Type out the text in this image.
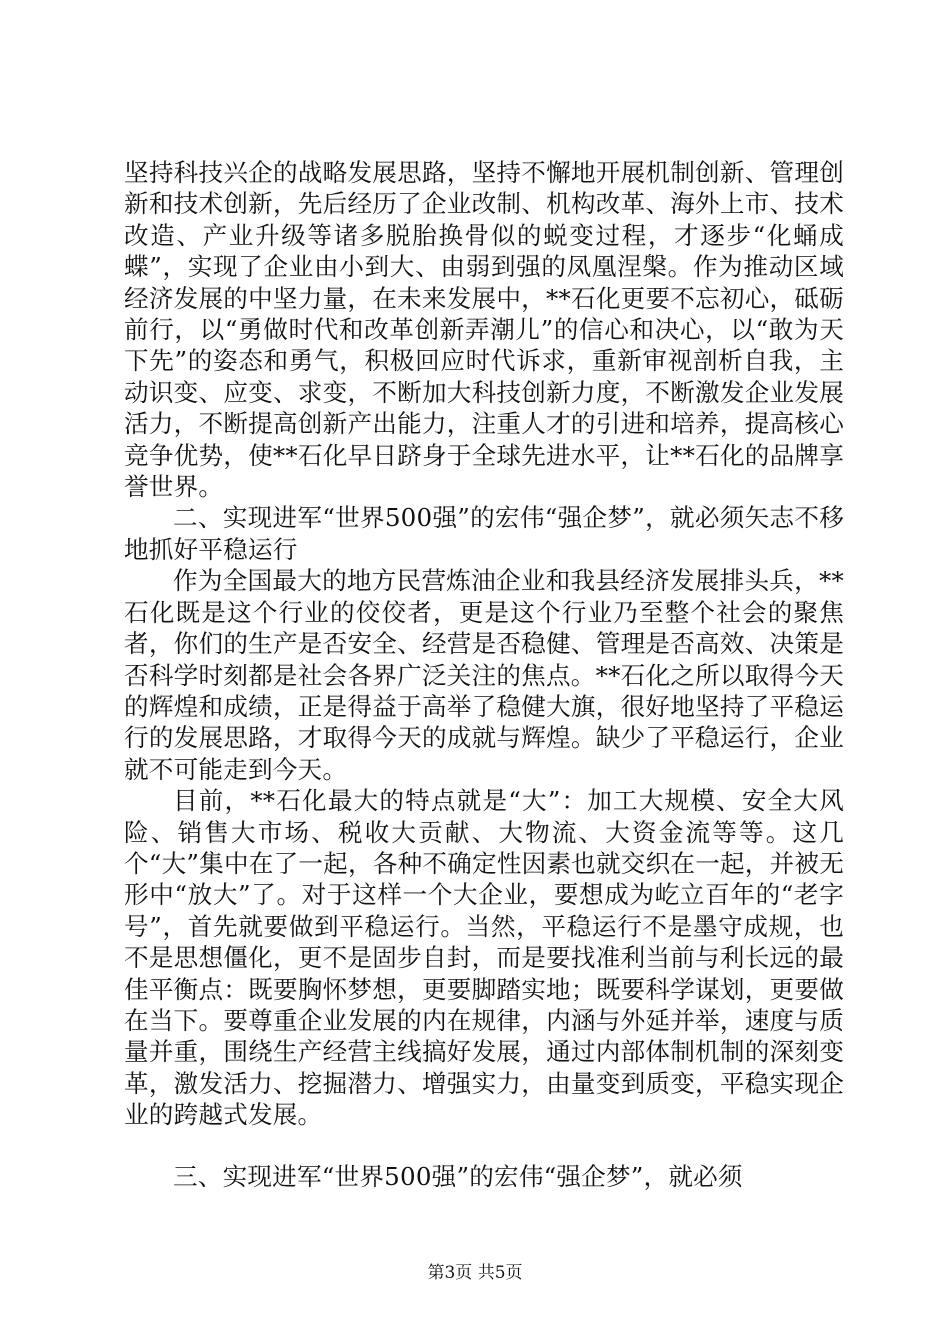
坚持科技兴企的战略发展思路，坚持不懈地开展机制创新、管理创新和技术创新，先后经历了企业改制、机构改革、海外上市、技术改造、产业升级等诸多脱胎换骨似的蜕变过程，才逐步“化蛹成蝶”，实现了企业由小到大、由弱到强的凤凰涅槃。作为推动区域经济发展的中坚力量，在未来发展中，**石化更要不忘初心，砥砺前行，以“勇做时代和改革创新弄潮儿”的信心和决心，以“敢为天下先”的姿态和勇气，积极回应时代诉求，重新审视剖析自我，主动识变、应变、求变，不断加大科技创新力度，不断激发企业发展活力，不断提高创新产出能力，注重人才的引进和培养，提高核心竞争优势，使**石化早日跻身于全球先进水平，让**石化的品牌享誉世界。

二、实现进军“世界500强”的宏伟“强企梦”，就必须矢志不移地抓好平稳运行

作为全国最大的地方民营炼油企业和我县经济发展排头兵，**石化既是这个行业的佼佼者，更是这个行业乃至整个社会的聚焦者，你们的生产是否安全、经营是否稳健、管理是否高效、决策是否科学时刻都是社会各界广泛关注的焦点。**石化之所以取得今天的辉煌和成绩，正是得益于高举了稳健大旗，很好地坚持了平稳运行的发展思路，才取得今天的成就与辉煌。缺少了平稳运行，企业就不可能走到今天。

目前，**石化最大的特点就是“大”：加工大规模、安全大风险、销售大市场、税收大贡献、大物流、大资金流等等。这几个“大”集中在了一起，各种不确定性因素也就交织在一起，并被无形中“放大”了。对于这样一个大企业，要想成为屹立百年的“老字号”，首先就要做到平稳运行。当然，平稳运行不是墨守成规，也不是思想僵化，更不是固步自封，而是要找准利当前与利长远的最佳平衡点：既要胸怀梦想，更要脚踏实地；既要科学谋划，更要做在当下。要尊重企业发展的内在规律，内涵与外延并举，速度与质量并重，围绕生产经营主线搞好发展，通过内部体制机制的深刻变革，激发活力、挖掘潜力、增强实力，由量变到质变，平稳实现企业的跨越式发展。

三、实现进军“世界500强”的宏伟“强企梦”，就必须

第3页 共5页
